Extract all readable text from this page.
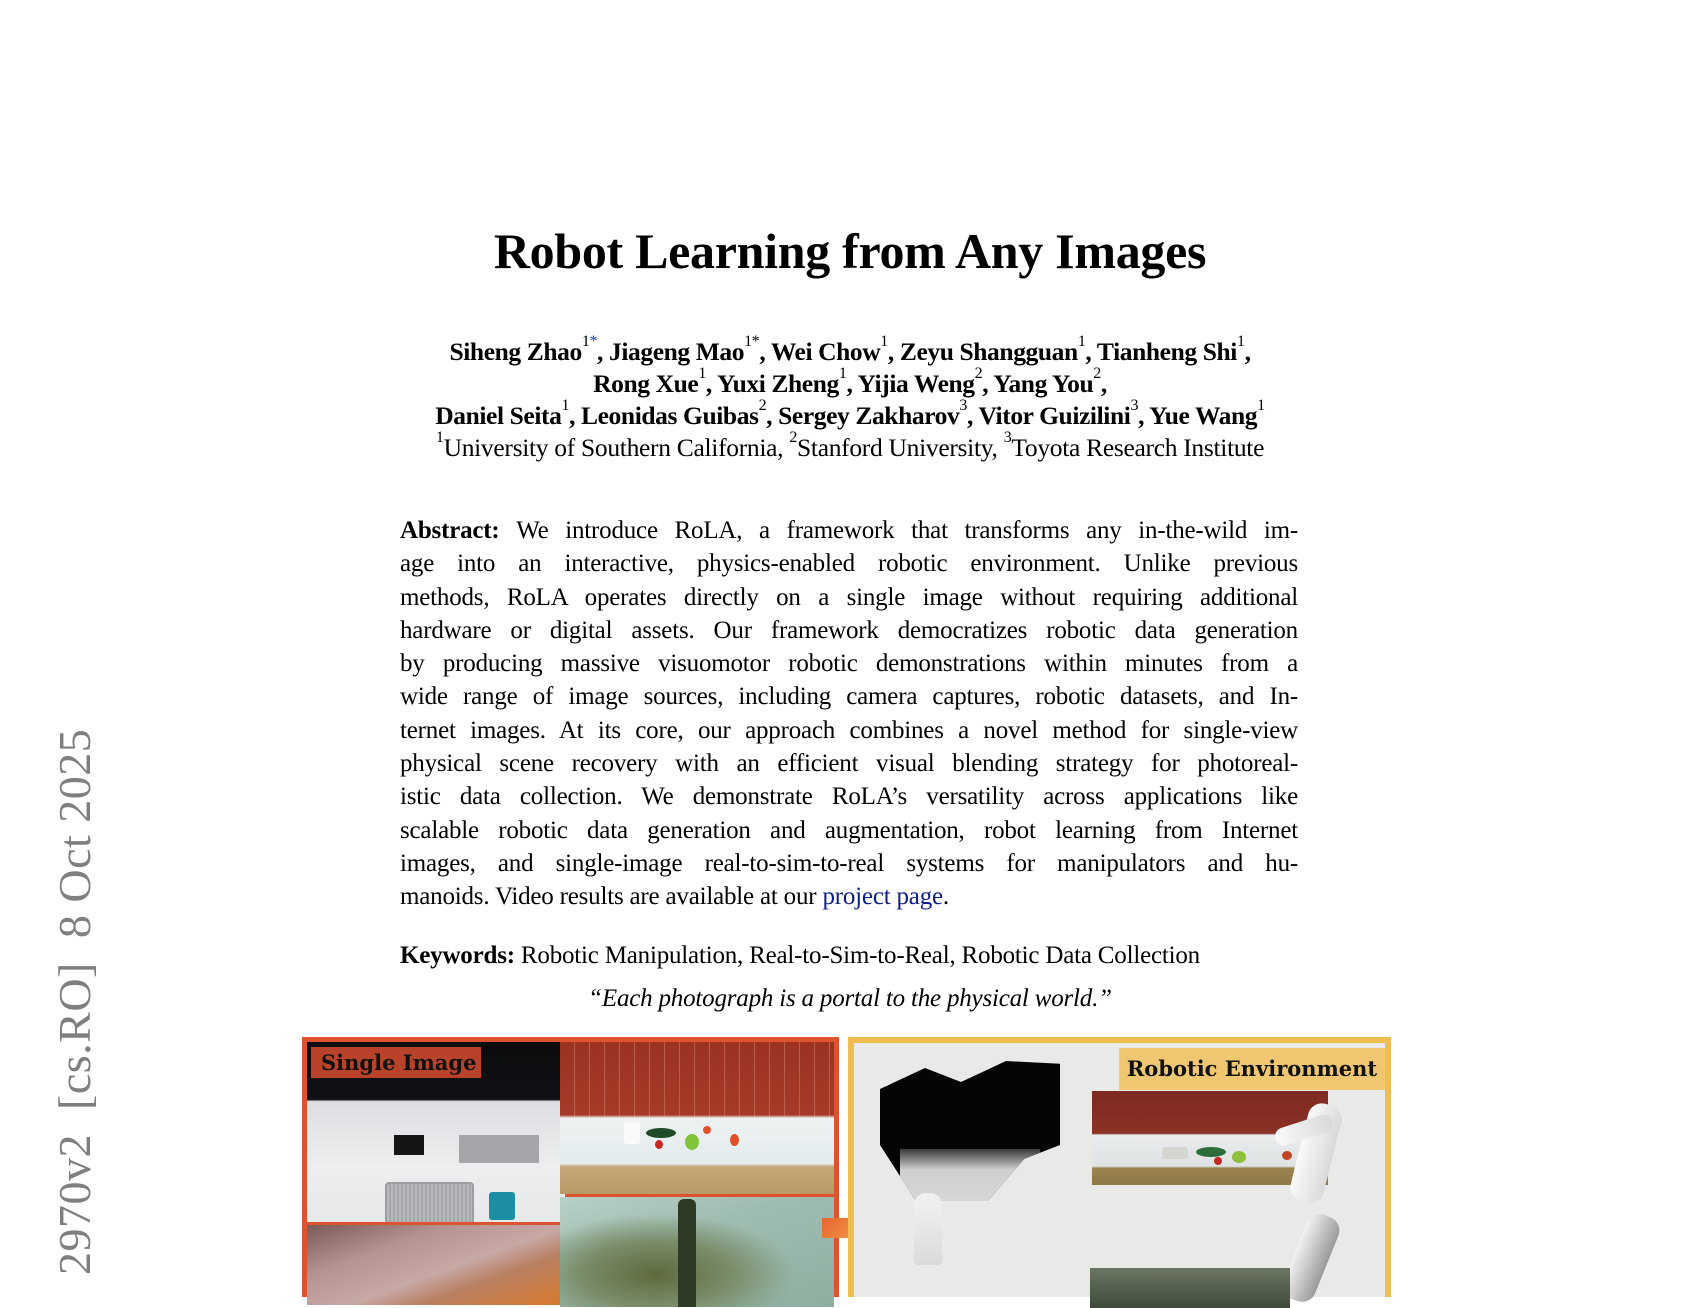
2970v2[cs.RO]8 Oct 2025
Robot Learning from Any Images
Siheng Zhao$^{1*}$, Jiageng Mao$^{1*}$, Wei Chow$^1$, Zeyu Shangguan$^1$, Tianheng Shi$^1$,
Rong Xue$^1$, Yuxi Zheng$^1$, Yijia Weng$^2$, Yang You$^2$,
Daniel Seita$^1$, Leonidas Guibas$^2$, Sergey Zakharov$^3$, Vitor Guizilini$^3$, Yue Wang$^1$
$^1$University of Southern California, $^2$Stanford University, $^3$Toyota Research Institute
Abstract: We introduce RoLA, a framework that transforms any in-the-wild im-
age into an interactive, physics-enabled robotic environment. Unlike previous
methods, RoLA operates directly on a single image without requiring additional
hardware or digital assets. Our framework democratizes robotic data generation
by producing massive visuomotor robotic demonstrations within minutes from a
wide range of image sources, including camera captures, robotic datasets, and In-
ternet images. At its core, our approach combines a novel method for single-view
physical scene recovery with an efficient visual blending strategy for photoreal-
istic data collection. We demonstrate RoLA’s versatility across applications like
scalable robotic data generation and augmentation, robot learning from Internet
images, and single-image real-to-sim-to-real systems for manipulators and hu-
manoids. Video results are available at our project page.
Keywords: Robotic Manipulation, Real-to-Sim-to-Real, Robotic Data Collection
“Each photograph is a portal to the physical world.”
Single Image	Robotic Environment
